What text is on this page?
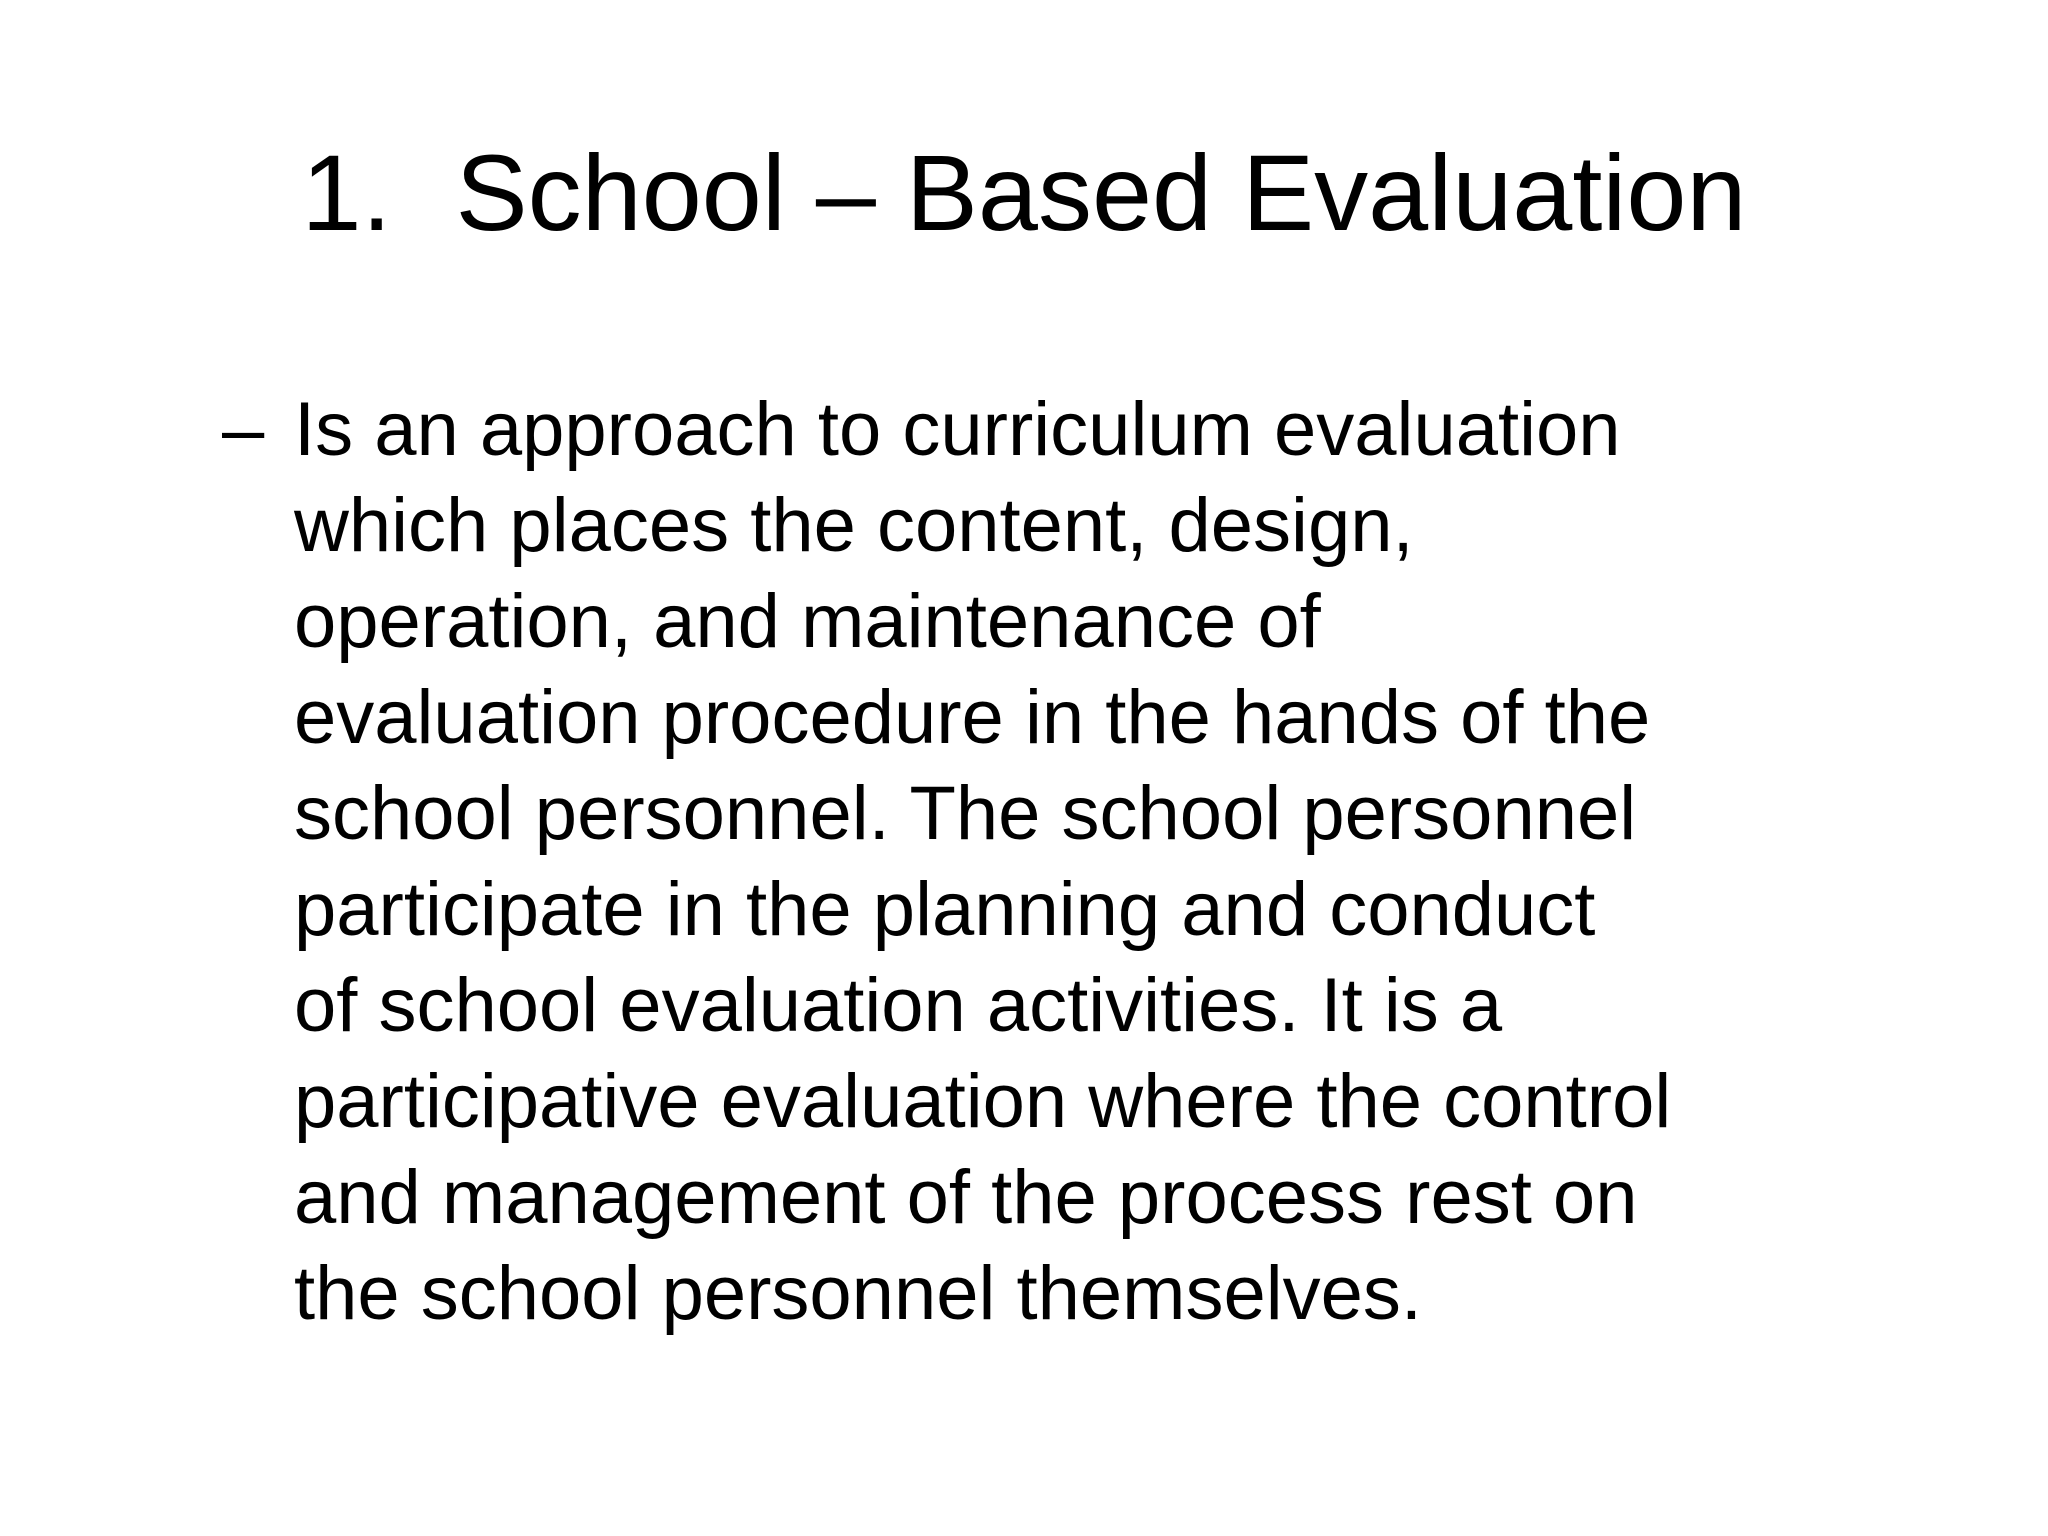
1. School – Based Evaluation
– Is an approach to curriculum evaluation
which places the content, design,
operation, and maintenance of
evaluation procedure in the hands of the
school personnel. The school personnel
participate in the planning and conduct
of school evaluation activities. It is a
participative evaluation where the control
and management of the process rest on
the school personnel themselves.
